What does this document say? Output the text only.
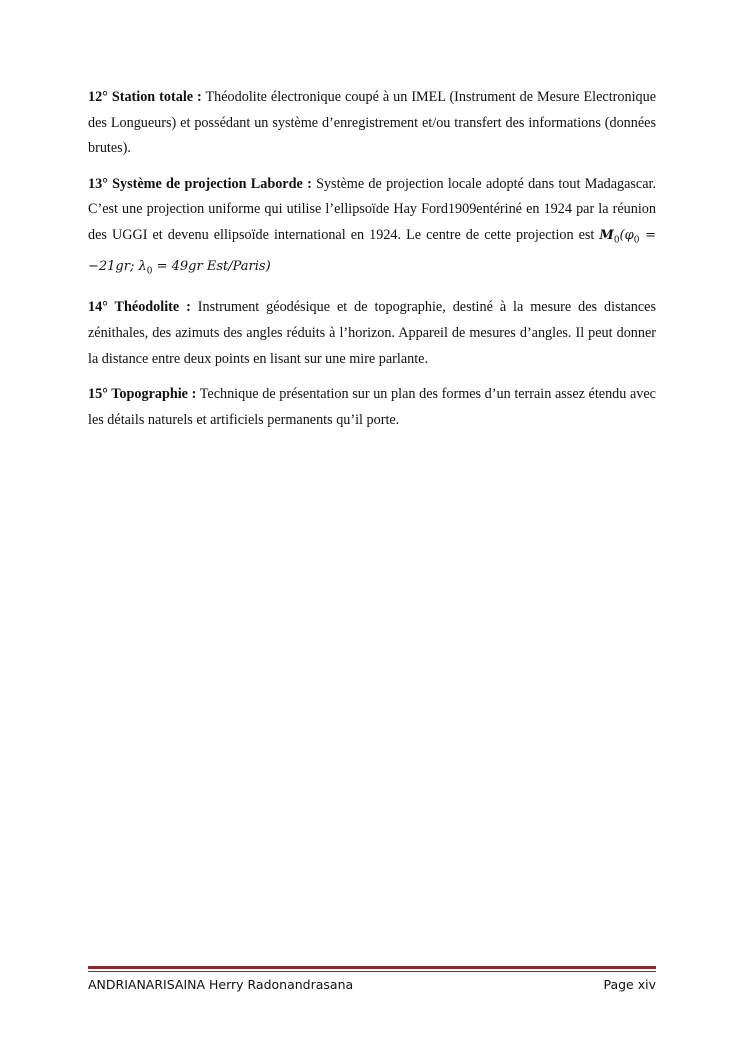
12° Station totale : Théodolite électronique coupé à un IMEL (Instrument de Mesure Electronique des Longueurs) et possédant un système d’enregistrement et/ou transfert des informations (données brutes).

13° Système de projection Laborde : Système de projection locale adopté dans tout Madagascar. C’est une projection uniforme qui utilise l’ellipsoïde Hay Ford1909entériné en 1924 par la réunion des UGGI et devenu ellipsoïde international en 1924. Le centre de cette projection est $M_0(\varphi_0 = -21gr$; $\lambda_0 = 49gr$ Est/Paris)

14° Théodolite : Instrument géodésique et de topographie, destiné à la mesure des distances zénithales, des azimuts des angles réduits à l’horizon. Appareil de mesures d’angles. Il peut donner la distance entre deux points en lisant sur une mire parlante.

15° Topographie : Technique de présentation sur un plan des formes d’un terrain assez étendu avec les détails naturels et artificiels permanents qu’il porte.

ANDRIANARISAINA Herry Radonandrasana	Page xiv
